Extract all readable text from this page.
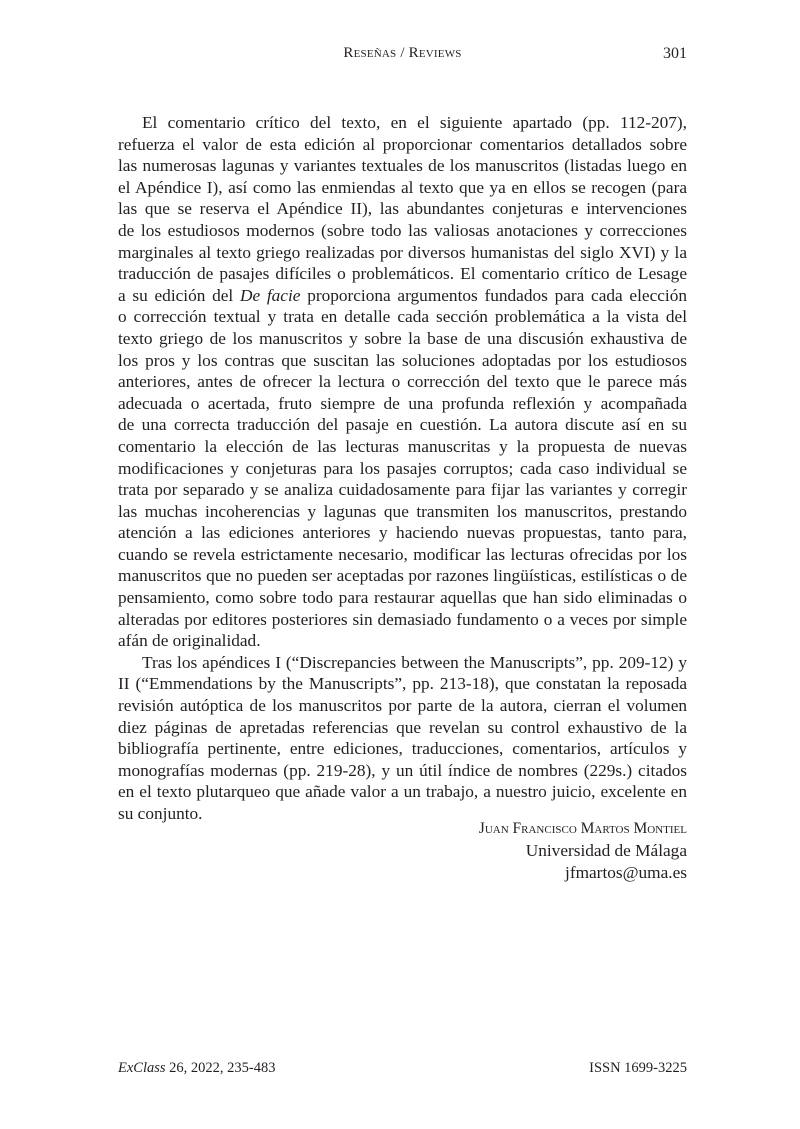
Reseñas / Reviews	301
El comentario crítico del texto, en el siguiente apartado (pp. 112-207),
refuerza el valor de esta edición al proporcionar comentarios detallados sobre
las numerosas lagunas y variantes textuales de los manuscritos (listadas luego en
el Apéndice I), así como las enmiendas al texto que ya en ellos se recogen (para
las que se reserva el Apéndice II), las abundantes conjeturas e intervenciones
de los estudiosos modernos (sobre todo las valiosas anotaciones y correcciones
marginales al texto griego realizadas por diversos humanistas del siglo XVI) y la
traducción de pasajes difíciles o problemáticos. El comentario crítico de Lesage
a su edición del De facie proporciona argumentos fundados para cada elección
o corrección textual y trata en detalle cada sección problemática a la vista del
texto griego de los manuscritos y sobre la base de una discusión exhaustiva de
los pros y los contras que suscitan las soluciones adoptadas por los estudiosos
anteriores, antes de ofrecer la lectura o corrección del texto que le parece más
adecuada o acertada, fruto siempre de una profunda reflexión y acompañada
de una correcta traducción del pasaje en cuestión. La autora discute así en su
comentario la elección de las lecturas manuscritas y la propuesta de nuevas
modificaciones y conjeturas para los pasajes corruptos; cada caso individual se
trata por separado y se analiza cuidadosamente para fijar las variantes y corregir
las muchas incoherencias y lagunas que transmiten los manuscritos, prestando
atención a las ediciones anteriores y haciendo nuevas propuestas, tanto para,
cuando se revela estrictamente necesario, modificar las lecturas ofrecidas por los
manuscritos que no pueden ser aceptadas por razones lingüísticas, estilísticas o de
pensamiento, como sobre todo para restaurar aquellas que han sido eliminadas o
alteradas por editores posteriores sin demasiado fundamento o a veces por simple
afán de originalidad.
Tras los apéndices I (“Discrepancies between the Manuscripts”, pp. 209-12) y
II (“Emmendations by the Manuscripts”, pp. 213-18), que constatan la reposada
revisión autóptica de los manuscritos por parte de la autora, cierran el volumen
diez páginas de apretadas referencias que revelan su control exhaustivo de la
bibliografía pertinente, entre ediciones, traducciones, comentarios, artículos y
monografías modernas (pp. 219-28), y un útil índice de nombres (229s.) citados
en el texto plutarqueo que añade valor a un trabajo, a nuestro juicio, excelente en
su conjunto.
Juan Francisco Martos Montiel
Universidad de Málaga
jfmartos@uma.es
ExClass 26, 2022, 235-483	ISSN 1699-3225
